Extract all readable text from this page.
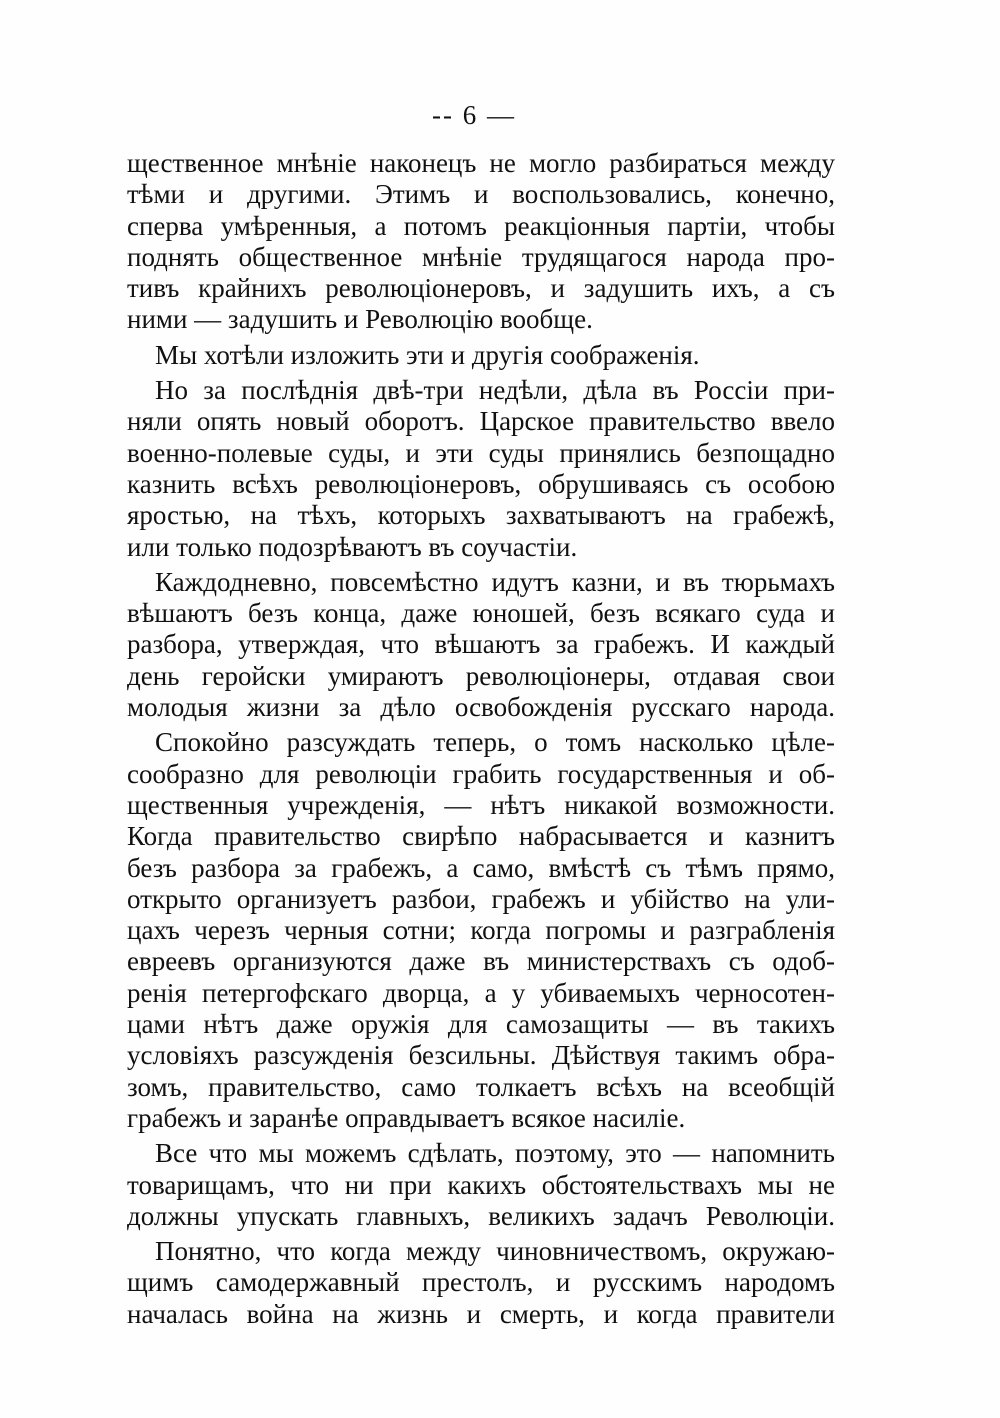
-- 6 —
щественное мнѣніе наконецъ не могло разбираться между
тѣми и другими. Этимъ и воспользовались, конечно,
сперва умѣренныя, а потомъ реакціонныя партіи, чтобы
поднять общественное мнѣніе трудящагося народа про-
тивъ крайнихъ революціонеровъ, и задушить ихъ, а съ
ними — задушить и Революцію вообще.
Мы хотѣли изложить эти и другія соображенія.
Но за послѣднія двѣ-три недѣли, дѣла въ Россіи при-
няли опять новый оборотъ. Царское правительство ввело
военно-полевые суды, и эти суды принялись безпощадно
казнить всѣхъ революціонеровъ, обрушиваясь съ особою
яростью, на тѣхъ, которыхъ захватываютъ на грабежѣ,
или только подозрѣваютъ въ соучастіи.
Каждодневно, повсемѣстно идутъ казни, и въ тюрьмахъ
вѣшаютъ безъ конца, даже юношей, безъ всякаго суда и
разбора, утверждая, что вѣшаютъ за грабежъ. И каждый
день геройски умираютъ революціонеры, отдавая свои
молодыя жизни за дѣло освобожденія русскаго народа.
Спокойно разсуждать теперь, о томъ насколько цѣле-
сообразно для революціи грабить государственныя и об-
щественныя учрежденія, — нѣтъ никакой возможности.
Когда правительство свирѣпо набрасывается и казнитъ
безъ разбора за грабежъ, а само, вмѣстѣ съ тѣмъ прямо,
открыто организуетъ разбои, грабежъ и убійство на ули-
цахъ черезъ черныя сотни; когда погромы и разграбленія
евреевъ организуются даже въ министерствахъ съ одоб-
ренія петергофскаго дворца, а у убиваемыхъ черносотен-
цами нѣтъ даже оружія для самозащиты — въ такихъ
условіяхъ разсужденія безсильны. Дѣйствуя такимъ обра-
зомъ, правительство, само толкаетъ всѣхъ на всеобщій
грабежъ и заранѣе оправдываетъ всякое насиліе.
Все что мы можемъ сдѣлать, поэтому, это — напомнить
товарищамъ, что ни при какихъ обстоятельствахъ мы не
должны упускать главныхъ, великихъ задачъ Революціи.
Понятно, что когда между чиновничествомъ, окружаю-
щимъ самодержавный престолъ, и русскимъ народомъ
началась война на жизнь и смерть, и когда правители
